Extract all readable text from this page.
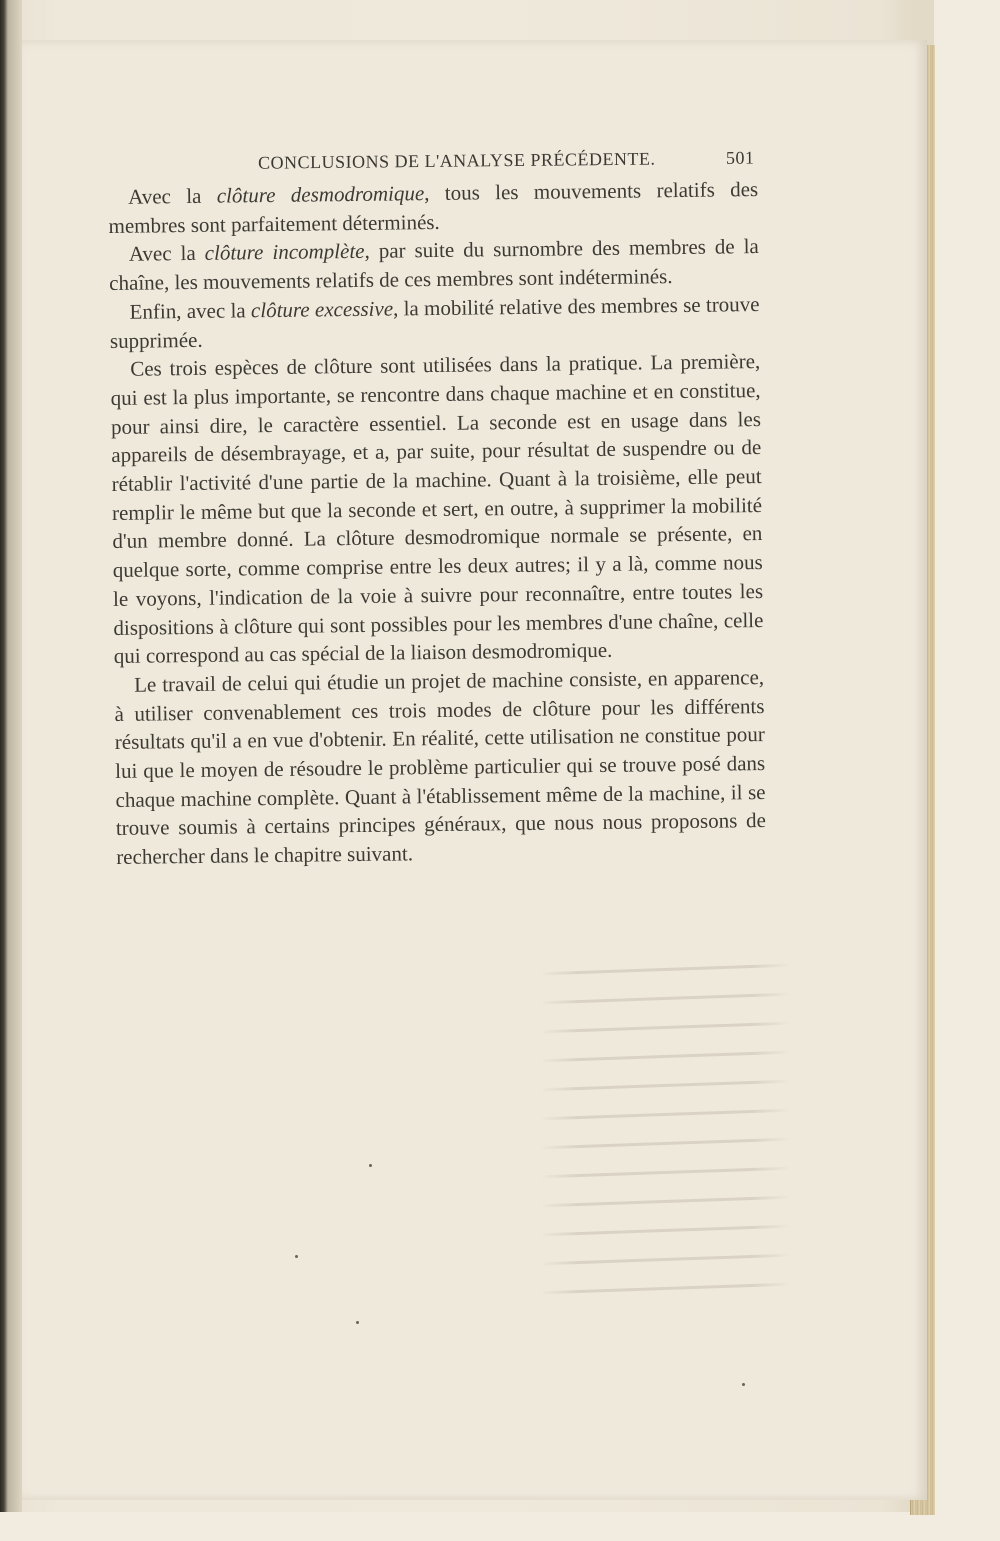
CONCLUSIONS DE L'ANALYSE PRÉCÉDENTE.	501

Avec la clôture desmodromique, tous les mouvements relatifs des membres sont parfaitement déterminés.

Avec la clôture incomplète, par suite du surnombre des membres de la chaîne, les mouvements relatifs de ces membres sont indéterminés.

Enfin, avec la clôture excessive, la mobilité relative des membres se trouve supprimée.

Ces trois espèces de clôture sont utilisées dans la pratique. La première, qui est la plus importante, se rencontre dans chaque machine et en constitue, pour ainsi dire, le caractère essentiel. La seconde est en usage dans les appareils de désembrayage, et a, par suite, pour résultat de suspendre ou de rétablir l'activité d'une partie de la machine. Quant à la troisième, elle peut remplir le même but que la seconde et sert, en outre, à supprimer la mobilité d'un membre donné. La clôture desmodromique normale se présente, en quelque sorte, comme comprise entre les deux autres; il y a là, comme nous le voyons, l'indication de la voie à suivre pour reconnaître, entre toutes les dispositions à clôture qui sont possibles pour les membres d'une chaîne, celle qui correspond au cas spécial de la liaison desmodromique.

Le travail de celui qui étudie un projet de machine consiste, en apparence, à utiliser convenablement ces trois modes de clôture pour les différents résultats qu'il a en vue d'obtenir. En réalité, cette utilisation ne constitue pour lui que le moyen de résoudre le problème particulier qui se trouve posé dans chaque machine complète. Quant à l'établissement même de la machine, il se trouve soumis à certains principes généraux, que nous nous proposons de rechercher dans le chapitre suivant.
